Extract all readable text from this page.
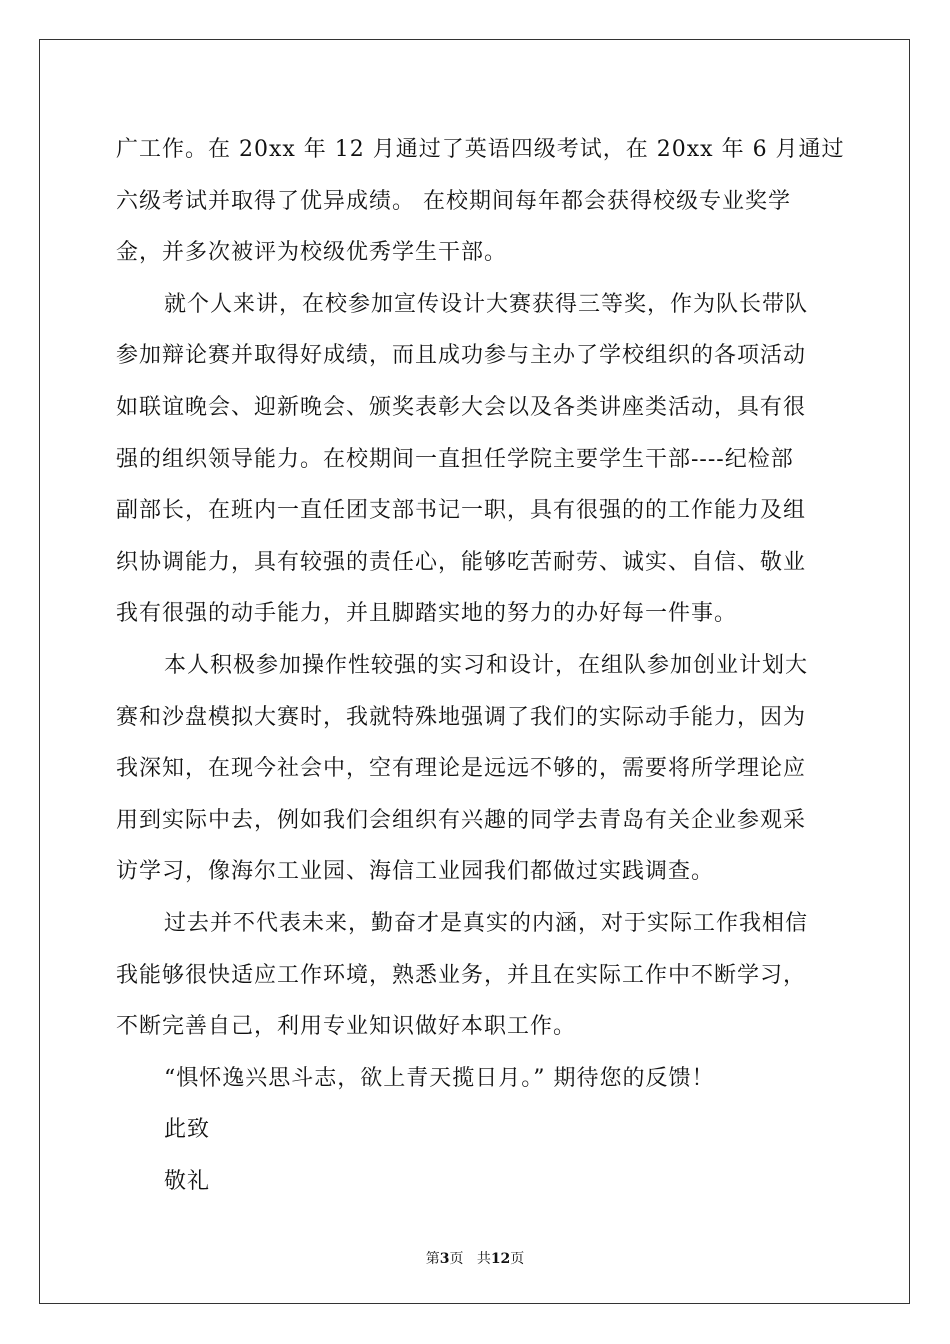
广工作。在 20xx 年 12 月通过了英语四级考试，在 20xx 年 6 月通过
六级考试并取得了优异成绩。 在校期间每年都会获得校级专业奖学
金，并多次被评为校级优秀学生干部。
就个人来讲，在校参加宣传设计大赛获得三等奖，作为队长带队
参加辩论赛并取得好成绩，而且成功参与主办了学校组织的各项活动
如联谊晚会、迎新晚会、颁奖表彰大会以及各类讲座类活动，具有很
强的组织领导能力。在校期间一直担任学院主要学生干部----纪检部
副部长，在班内一直任团支部书记一职，具有很强的的工作能力及组
织协调能力，具有较强的责任心，能够吃苦耐劳、诚实、自信、敬业
我有很强的动手能力，并且脚踏实地的努力的办好每一件事。
本人积极参加操作性较强的实习和设计，在组队参加创业计划大
赛和沙盘模拟大赛时，我就特殊地强调了我们的实际动手能力，因为
我深知，在现今社会中，空有理论是远远不够的，需要将所学理论应
用到实际中去，例如我们会组织有兴趣的同学去青岛有关企业参观采
访学习，像海尔工业园、海信工业园我们都做过实践调查。
过去并不代表未来，勤奋才是真实的内涵，对于实际工作我相信
我能够很快适应工作环境，熟悉业务，并且在实际工作中不断学习，
不断完善自己，利用专业知识做好本职工作。
“惧怀逸兴思斗志，欲上青天揽日月。” 期待您的反馈！
此致
敬礼
第3页 共12页
